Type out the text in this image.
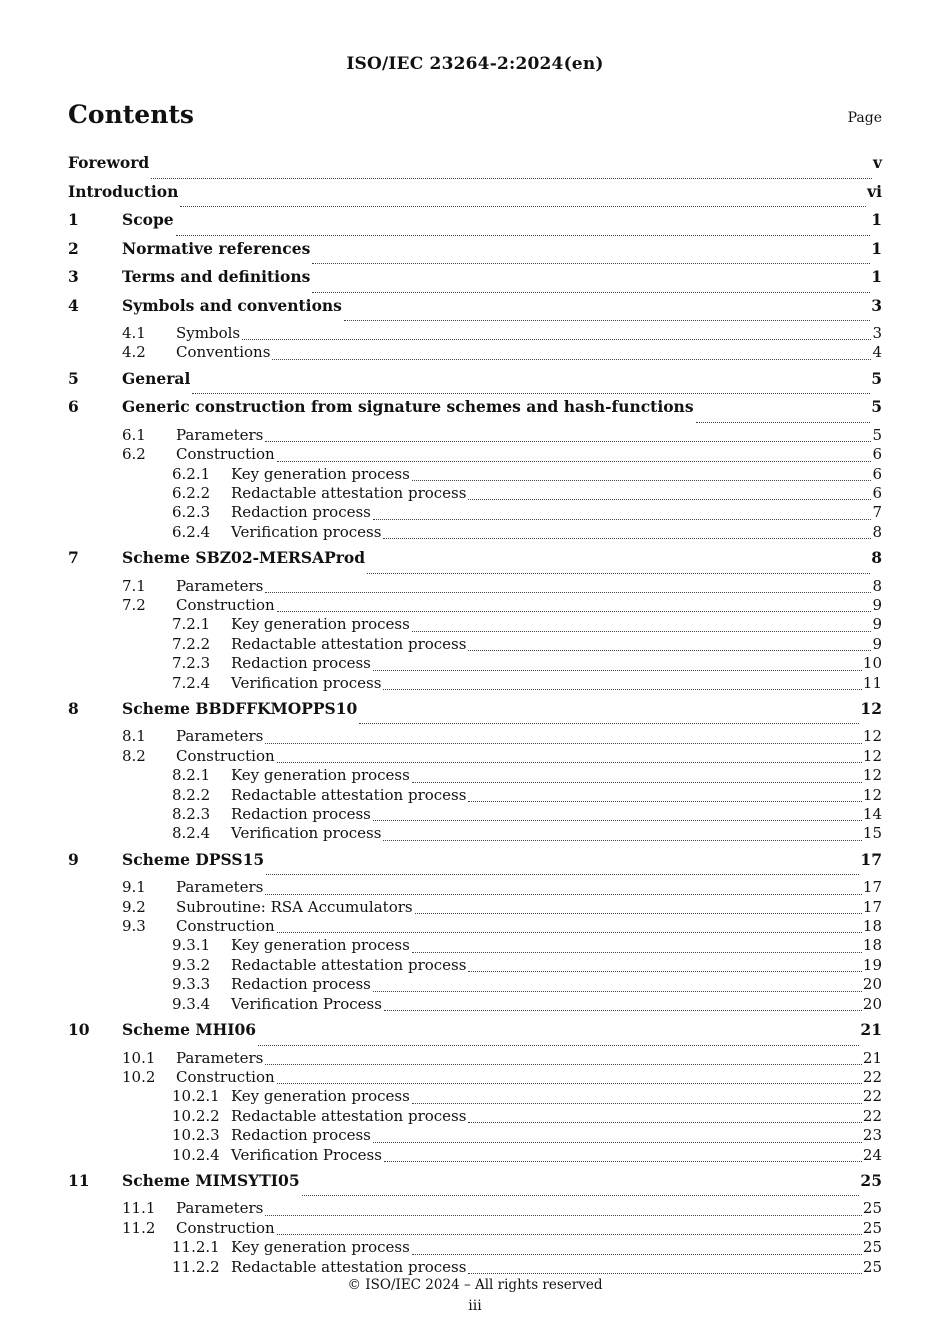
ISO/IEC 23264-2:2024(en)
Contents	Page
Foreword	v
Introduction	vi
1	Scope	1
2	Normative references	1
3	Terms and definitions	1
4	Symbols and conventions	3
4.1	Symbols	3
4.2	Conventions	4
5	General	5
6	Generic construction from signature schemes and hash-functions	5
6.1	Parameters	5
6.2	Construction	6
6.2.1	Key generation process	6
6.2.2	Redactable attestation process	6
6.2.3	Redaction process	7
6.2.4	Verification process	8
7	Scheme SBZ02-MERSAProd	8
7.1	Parameters	8
7.2	Construction	9
7.2.1	Key generation process	9
7.2.2	Redactable attestation process	9
7.2.3	Redaction process	10
7.2.4	Verification process	11
8	Scheme BBDFFKMOPPS10	12
8.1	Parameters	12
8.2	Construction	12
8.2.1	Key generation process	12
8.2.2	Redactable attestation process	12
8.2.3	Redaction process	14
8.2.4	Verification process	15
9	Scheme DPSS15	17
9.1	Parameters	17
9.2	Subroutine: RSA Accumulators	17
9.3	Construction	18
9.3.1	Key generation process	18
9.3.2	Redactable attestation process	19
9.3.3	Redaction process	20
9.3.4	Verification Process	20
10	Scheme MHI06	21
10.1	Parameters	21
10.2	Construction	22
10.2.1 Key generation process	22
10.2.2 Redactable attestation process	22
10.2.3 Redaction process	23
10.2.4 Verification Process	24
11	Scheme MIMSYTI05	25
11.1	Parameters	25
11.2	Construction	25
11.2.1 Key generation process	25
11.2.2 Redactable attestation process	25
© ISO/IEC 2024 – All rights reserved
iii
